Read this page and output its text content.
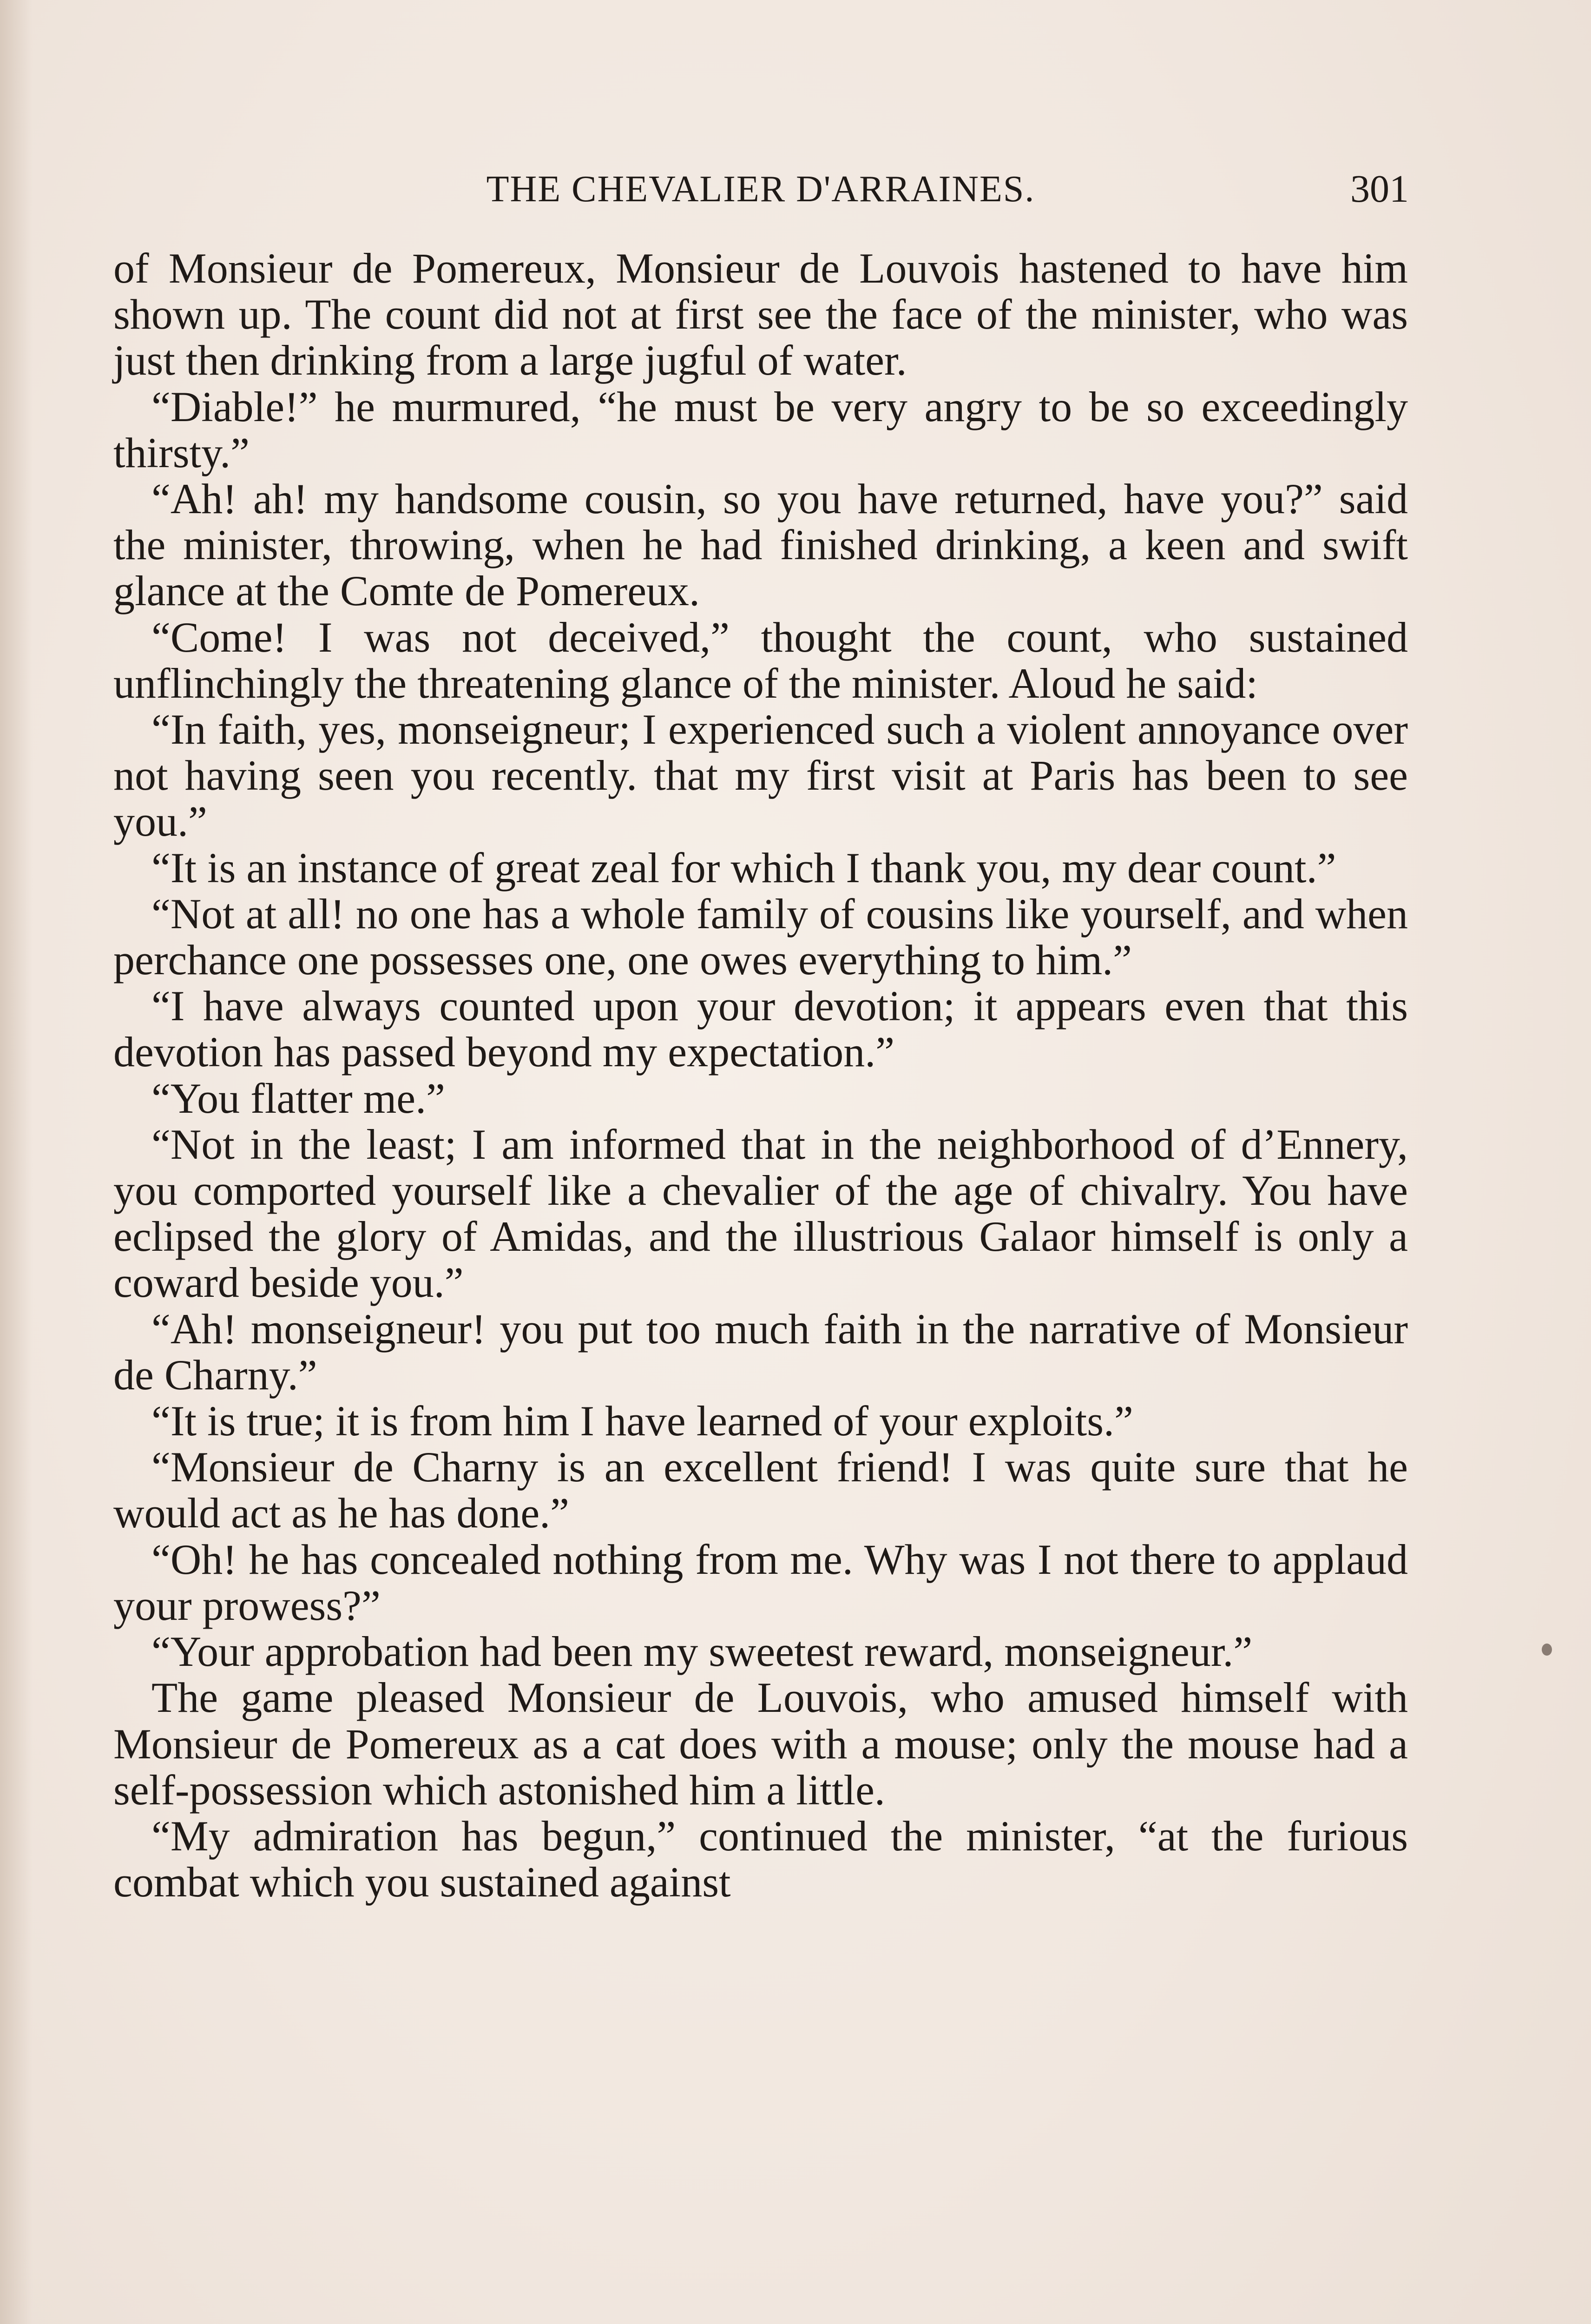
THE CHEVALIER D'ARRAINES.	301

of Monsieur de Pomereux, Monsieur de Louvois hastened to have him shown up. The count did not at first see the face of the minister, who was just then drinking from a large jugful of water.

“Diable!” he murmured, “he must be very angry to be so exceedingly thirsty.”

“Ah! ah! my handsome cousin, so you have returned, have you?” said the minister, throwing, when he had finished drinking, a keen and swift glance at the Comte de Pomereux.

“Come! I was not deceived,” thought the count, who sustained unflinchingly the threatening glance of the minister. Aloud he said:

“In faith, yes, monseigneur; I experienced such a violent annoyance over not having seen you recently. that my first visit at Paris has been to see you.”

“It is an instance of great zeal for which I thank you, my dear count.”

“Not at all! no one has a whole family of cousins like yourself, and when perchance one possesses one, one owes everything to him.”

“I have always counted upon your devotion; it appears even that this devotion has passed beyond my expectation.”

“You flatter me.”

“Not in the least; I am informed that in the neighborhood of d’Ennery, you comported yourself like a chevalier of the age of chivalry. You have eclipsed the glory of Amidas, and the illustrious Galaor himself is only a coward beside you.”

“Ah! monseigneur! you put too much faith in the narrative of Monsieur de Charny.”

“It is true; it is from him I have learned of your exploits.”

“Monsieur de Charny is an excellent friend! I was quite sure that he would act as he has done.”

“Oh! he has concealed nothing from me. Why was I not there to applaud your prowess?”

“Your approbation had been my sweetest reward, monseigneur.”

The game pleased Monsieur de Louvois, who amused himself with Monsieur de Pomereux as a cat does with a mouse; only the mouse had a self-possession which astonished him a little.

“My admiration has begun,” continued the minister, “at the furious combat which you sustained against
